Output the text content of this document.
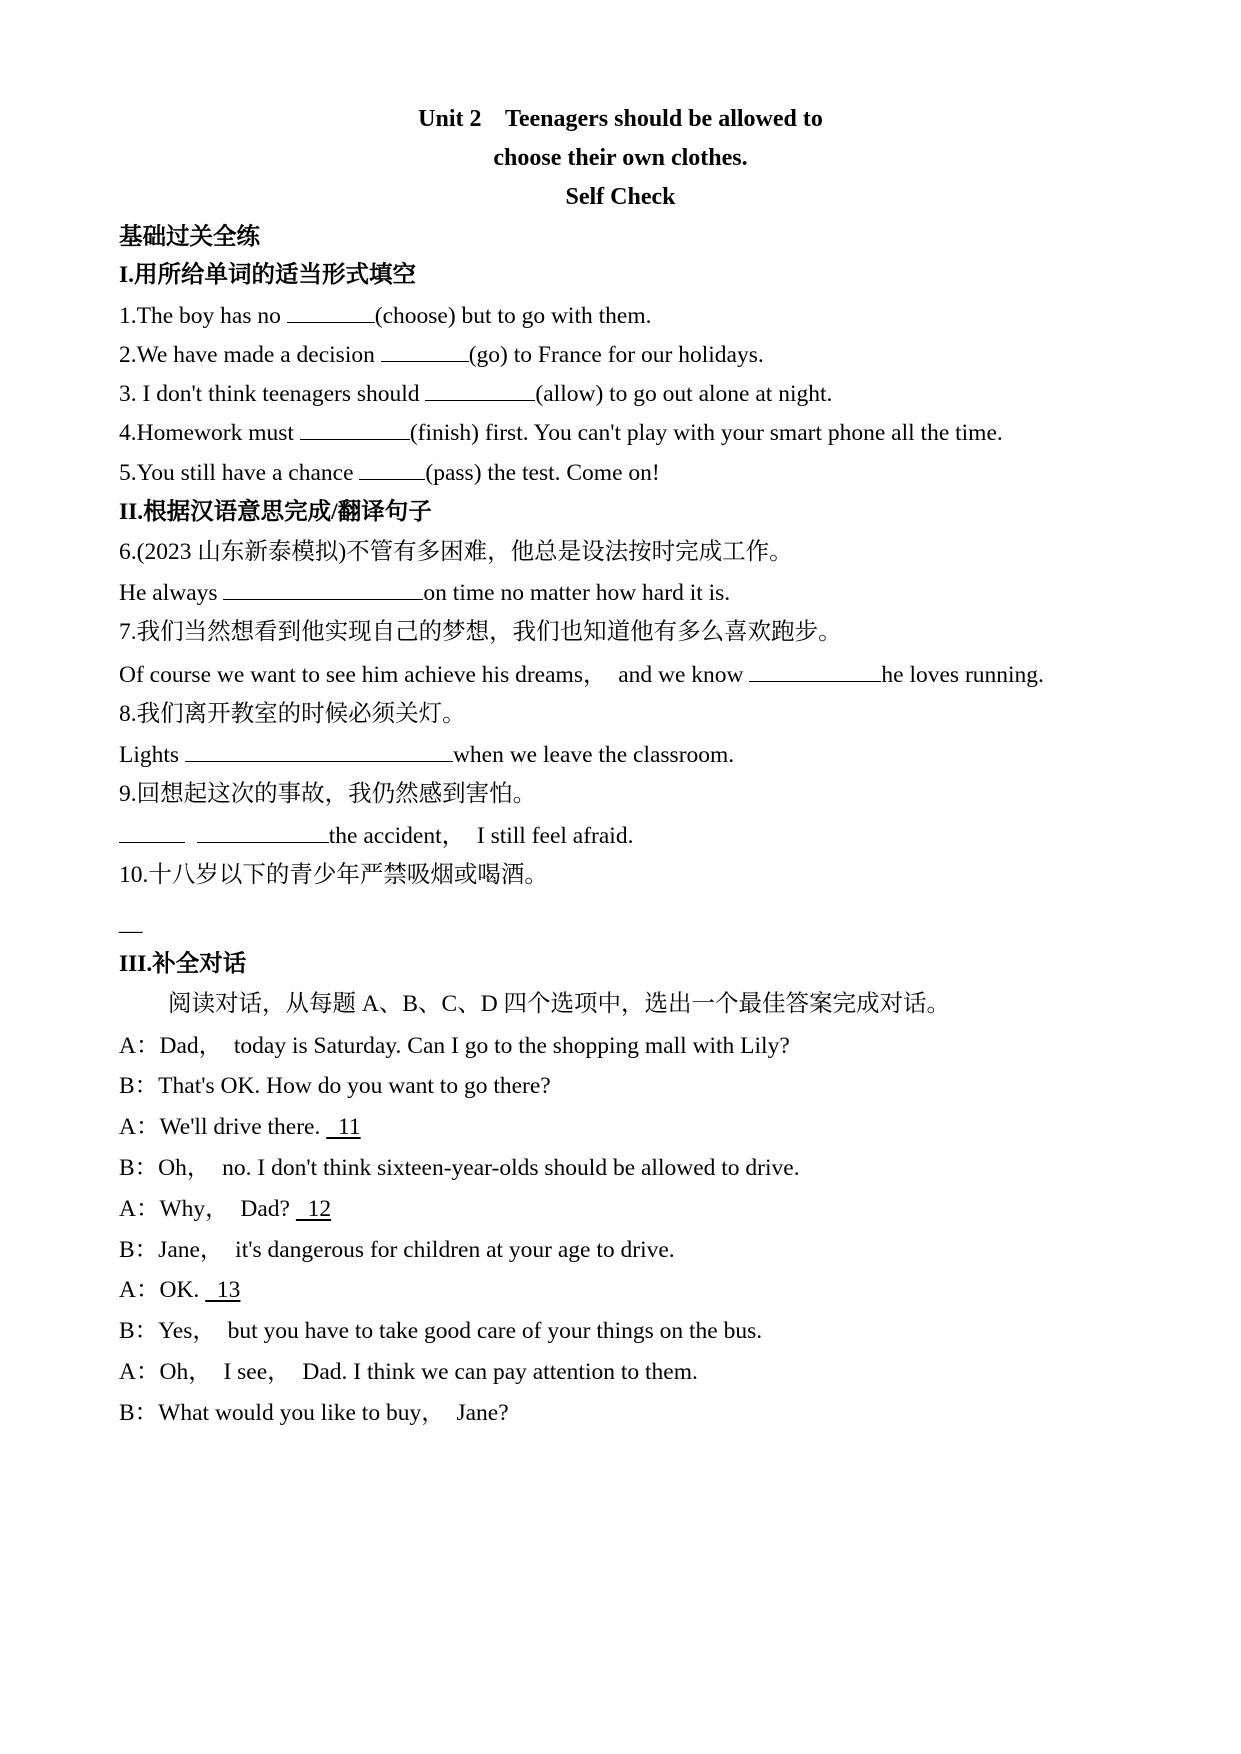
Unit 2    Teenagers should be allowed to
choose their own clothes.
Self Check
基础过关全练
I.用所给单词的适当形式填空
1.The boy has no	(choose) but to go with them.
2.We have made a decision	(go) to France for our holidays.
3. I don't think teenagers should	(allow) to go out alone at night.
4.Homework must	(finish) first. You can't play with your smart phone all the time.
5.You still have a chance	(pass) the test. Come on!
II.根据汉语意思完成/翻译句子
6.(2023 山东新泰模拟)不管有多困难，他总是设法按时完成工作。
He always	on time no matter how hard it is.
7.我们当然想看到他实现自己的梦想，我们也知道他有多么喜欢跑步。
Of course we want to see him achieve his dreams，  and we know	he loves running.
8.我们离开教室的时候必须关灯。
Lights	when we leave the classroom.
9.回想起这次的事故，我仍然感到害怕。
the accident，  I still feel afraid.
10.十八岁以下的青少年严禁吸烟或喝酒。
__
III.补全对话
阅读对话，从每题 A、B、C、D 四个选项中，选出一个最佳答案完成对话。
A：Dad，  today is Saturday. Can I go to the shopping mall with Lily?
B：That's OK. How do you want to go there?
A：We'll drive there.   11
B：Oh，  no. I don't think sixteen-year-olds should be allowed to drive.
A：Why，  Dad?   12
B：Jane，  it's dangerous for children at your age to drive.
A：OK.   13
B：Yes，  but you have to take good care of your things on the bus.
A：Oh，  I see，  Dad. I think we can pay attention to them.
B：What would you like to buy，  Jane?
